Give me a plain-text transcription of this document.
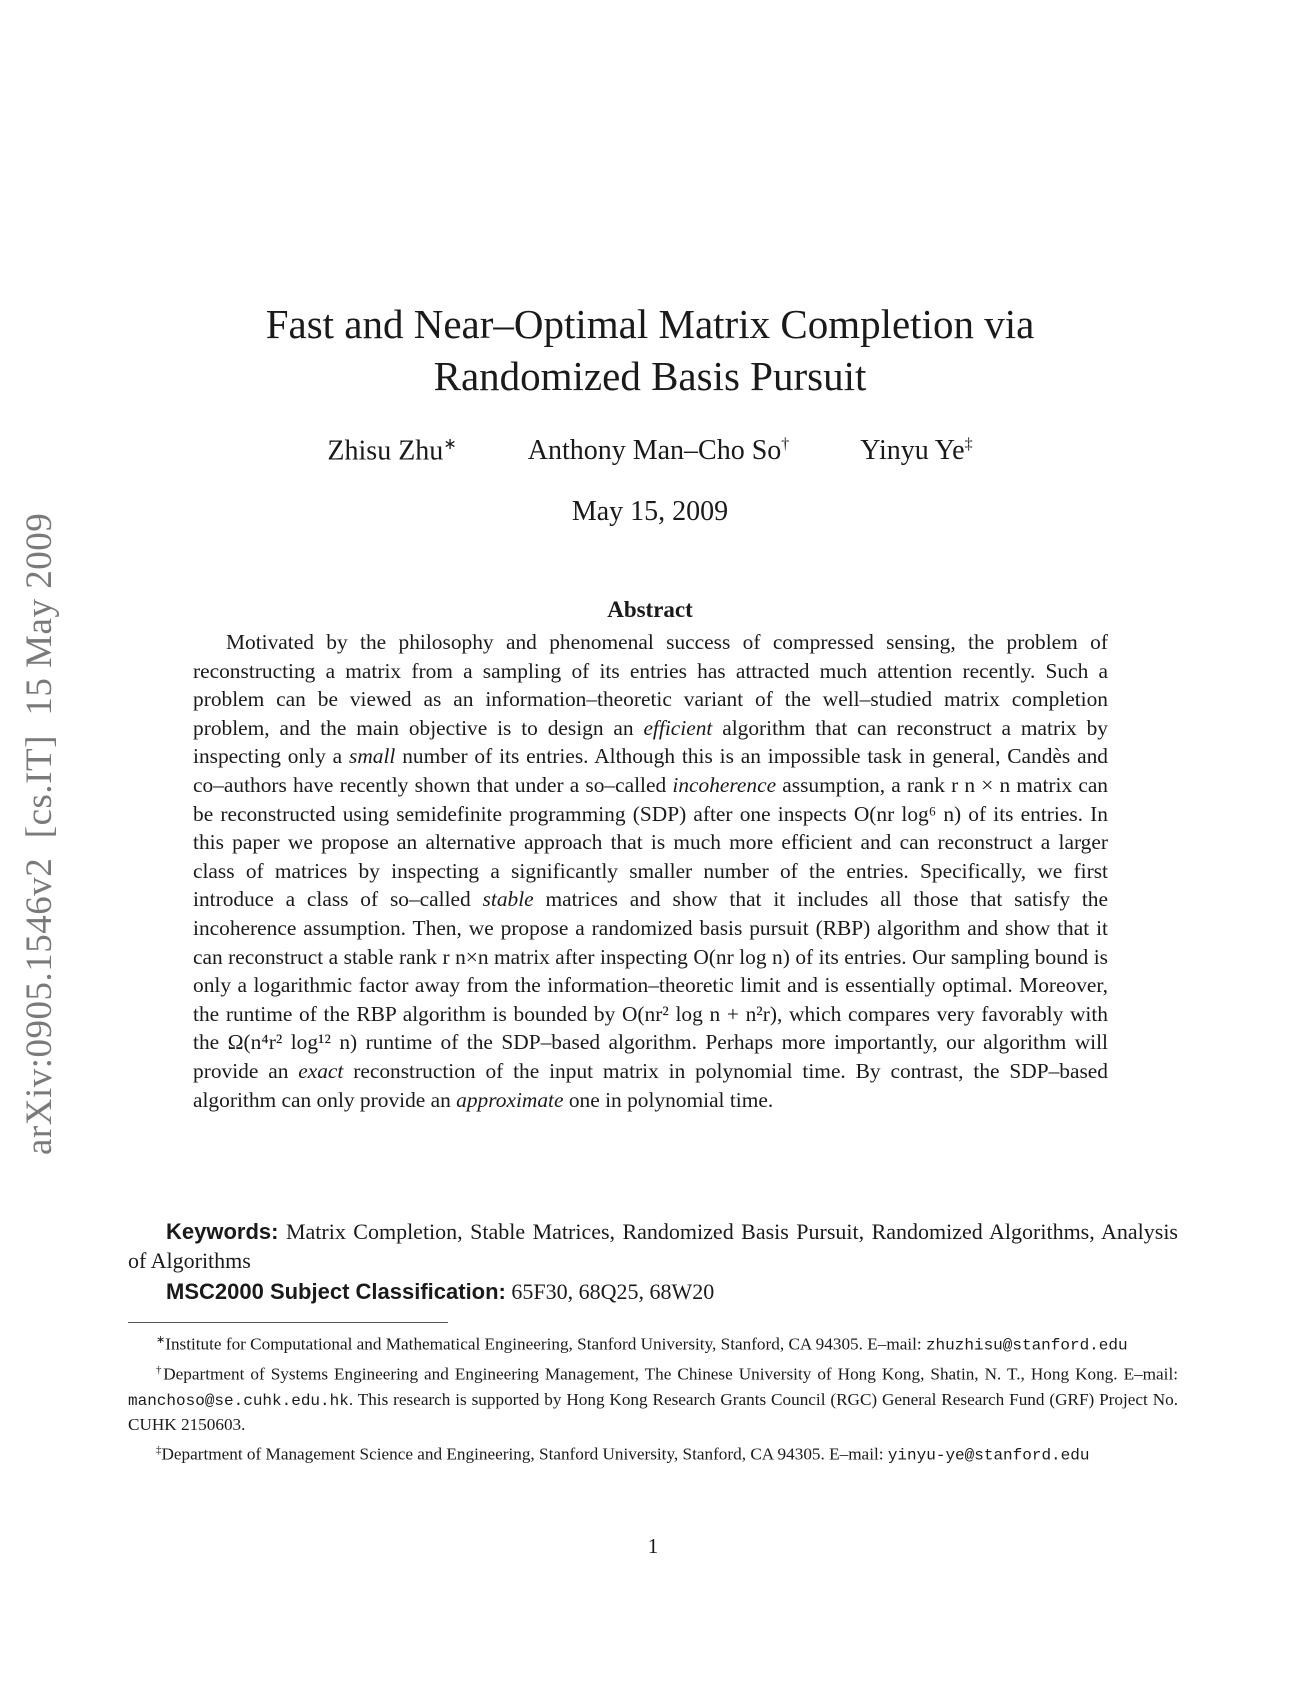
arXiv:0905.1546v2  [cs.IT]  15 May 2009
Fast and Near–Optimal Matrix Completion via
Randomized Basis Pursuit
Zhisu Zhu∗	Anthony Man–Cho So†	Yinyu Ye‡
May 15, 2009
Abstract
Motivated by the philosophy and phenomenal success of compressed sensing, the problem of reconstructing a matrix from a sampling of its entries has attracted much attention recently. Such a problem can be viewed as an information–theoretic variant of the well–studied matrix completion problem, and the main objective is to design an efficient algorithm that can reconstruct a matrix by inspecting only a small number of its entries. Although this is an impossible task in general, Candès and co–authors have recently shown that under a so–called incoherence assumption, a rank r n × n matrix can be reconstructed using semidefinite programming (SDP) after one inspects O(nr log⁶ n) of its entries. In this paper we propose an alternative approach that is much more efficient and can reconstruct a larger class of matrices by inspecting a significantly smaller number of the entries. Specifically, we first introduce a class of so–called stable matrices and show that it includes all those that satisfy the incoherence assumption. Then, we propose a randomized basis pursuit (RBP) algorithm and show that it can reconstruct a stable rank r n×n matrix after inspecting O(nr log n) of its entries. Our sampling bound is only a logarithmic factor away from the information–theoretic limit and is essentially optimal. Moreover, the runtime of the RBP algorithm is bounded by O(nr² log n + n²r), which compares very favorably with the Ω(n⁴r² log¹² n) runtime of the SDP–based algorithm. Perhaps more importantly, our algorithm will provide an exact reconstruction of the input matrix in polynomial time. By contrast, the SDP–based algorithm can only provide an approximate one in polynomial time.
Keywords: Matrix Completion, Stable Matrices, Randomized Basis Pursuit, Randomized Algorithms, Analysis of Algorithms
MSC2000 Subject Classification: 65F30, 68Q25, 68W20

∗Institute for Computational and Mathematical Engineering, Stanford University, Stanford, CA 94305. E–mail: zhuzhisu@stanford.edu

†Department of Systems Engineering and Engineering Management, The Chinese University of Hong Kong, Shatin, N. T., Hong Kong. E–mail: manchoso@se.cuhk.edu.hk. This research is supported by Hong Kong Research Grants Council (RGC) General Research Fund (GRF) Project No. CUHK 2150603.

‡Department of Management Science and Engineering, Stanford University, Stanford, CA 94305. E–mail: yinyu-ye@stanford.edu

1
